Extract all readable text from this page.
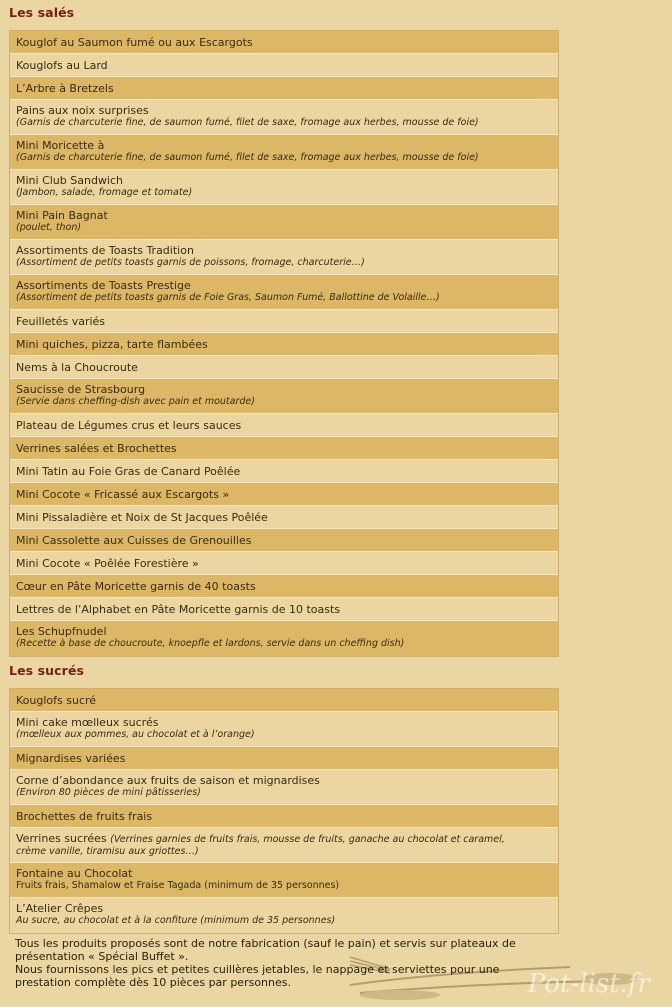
Les salés
Kouglof au Saumon fumé ou aux Escargots
Kouglofs au Lard
L’Arbre à Bretzels
Pains aux noix surprises
(Garnis de charcuterie fine, de saumon fumé, filet de saxe, fromage aux herbes, mousse de foie)
Mini Moricette à
(Garnis de charcuterie fine, de saumon fumé, filet de saxe, fromage aux herbes, mousse de foie)
Mini Club Sandwich
(Jambon, salade, fromage et tomate)
Mini Pain Bagnat
(poulet, thon)
Assortiments de Toasts Tradition
(Assortiment de petits toasts garnis de poissons, fromage, charcuterie…)
Assortiments de Toasts Prestige
(Assortiment de petits toasts garnis de Foie Gras, Saumon Fumé, Ballottine de Volaille…)
Feuilletés variés
Mini quiches, pizza, tarte flambées
Nems à la Choucroute
Saucisse de Strasbourg
(Servie dans cheffing-dish avec pain et moutarde)
Plateau de Légumes crus et leurs sauces
Verrines salées et Brochettes
Mini Tatin au Foie Gras de Canard Poêlée
Mini Cocote « Fricassé aux Escargots »
Mini Pissaladière et Noix de St Jacques Poêlée
Mini Cassolette aux Cuisses de Grenouilles
Mini Cocote « Poêlée Forestière »
Cœur en Pâte Moricette garnis de 40 toasts
Lettres de l’Alphabet en Pâte Moricette garnis de 10 toasts
Les Schupfnudel
(Recette à base de choucroute, knoepfle et lardons, servie dans un cheffing dish)
Les sucrés
Kouglofs sucré
Mini cake mœlleux sucrés
(mœlleux aux pommes, au chocolat et à l’orange)
Mignardises variées
Corne d’abondance aux fruits de saison et mignardises
(Environ 80 pièces de mini pâtisseries)
Brochettes de fruits frais
Verrines sucrées (Verrines garnies de fruits frais, mousse de fruits, ganache au chocolat et caramel,
crème vanille, tiramisu aux griottes…)
Fontaine au Chocolat
Fruits frais, Shamalow et Fraise Tagada (minimum de 35 personnes)
L’Atelier Crêpes
Au sucre, au chocolat et à la confiture (minimum de 35 personnes)

Tous les produits proposés sont de notre fabrication (sauf le pain) et servis sur plateaux de présentation « Spécial Buffet ».

Nous fournissons les pics et petites cuillères jetables, le nappage et serviettes pour une prestation complète dès 10 pièces par personnes.	Pot-list.fr
